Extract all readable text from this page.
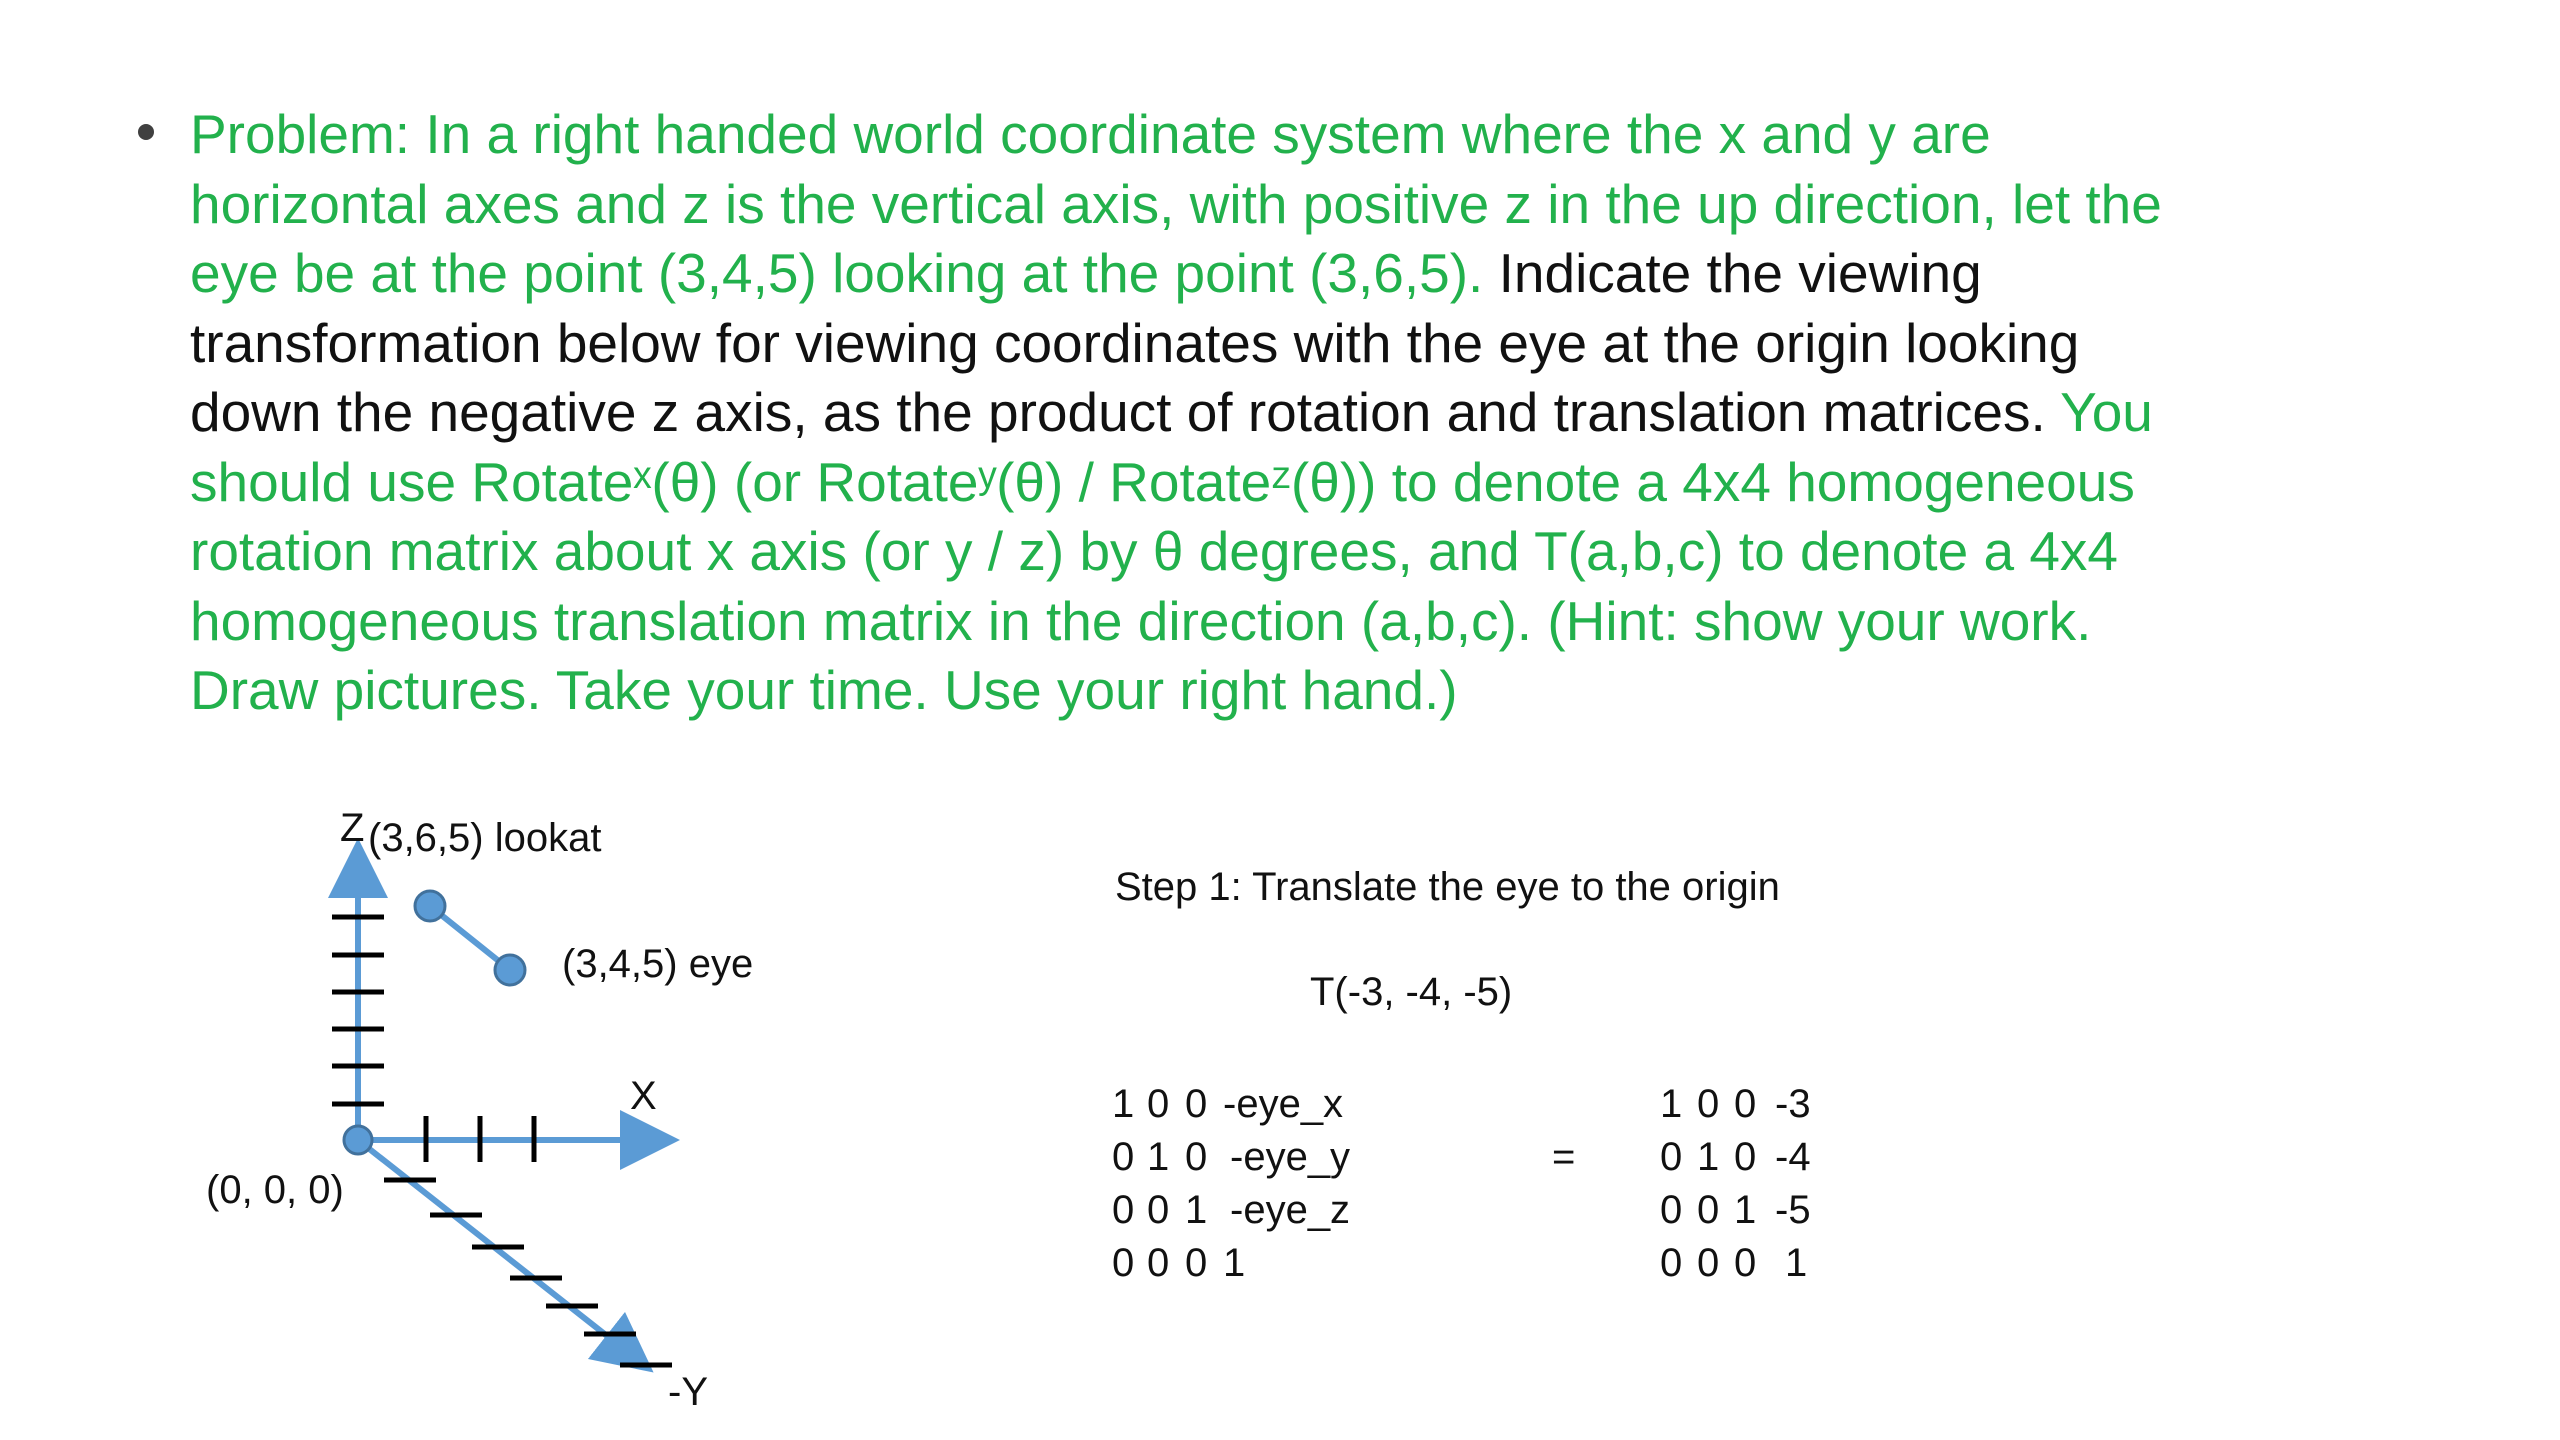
Problem: In a right handed world coordinate system where the x and y are
horizontal axes and z is the vertical axis, with positive z in the up direction, let the
eye be at the point (3,4,5) looking at the point (3,6,5). Indicate the viewing
transformation below for viewing coordinates with the eye at the origin looking
down the negative z axis, as the product of rotation and translation matrices. You
should use Rotateˣ(θ) (or Rotateʸ(θ) / Rotateᶻ(θ)) to denote a 4x4 homogeneous
rotation matrix about x axis (or y / z) by θ degrees, and T(a,b,c) to denote a 4x4
homogeneous translation matrix in the direction (a,b,c). (Hint: show your work.
Draw pictures. Take your time. Use your right hand.)
Z (3,6,5) lookat
(3,4,5) eye
X
(0, 0, 0)
-Y
Step 1: Translate the eye to the origin
T(-3, -4, -5)
1 0 0 -eye_x
0 1 0 -eye_y
0 0 1 -eye_z
0 0 0 1
=
1 0 0 -3
0 1 0 -4
0 0 1 -5
0 0 0 1
